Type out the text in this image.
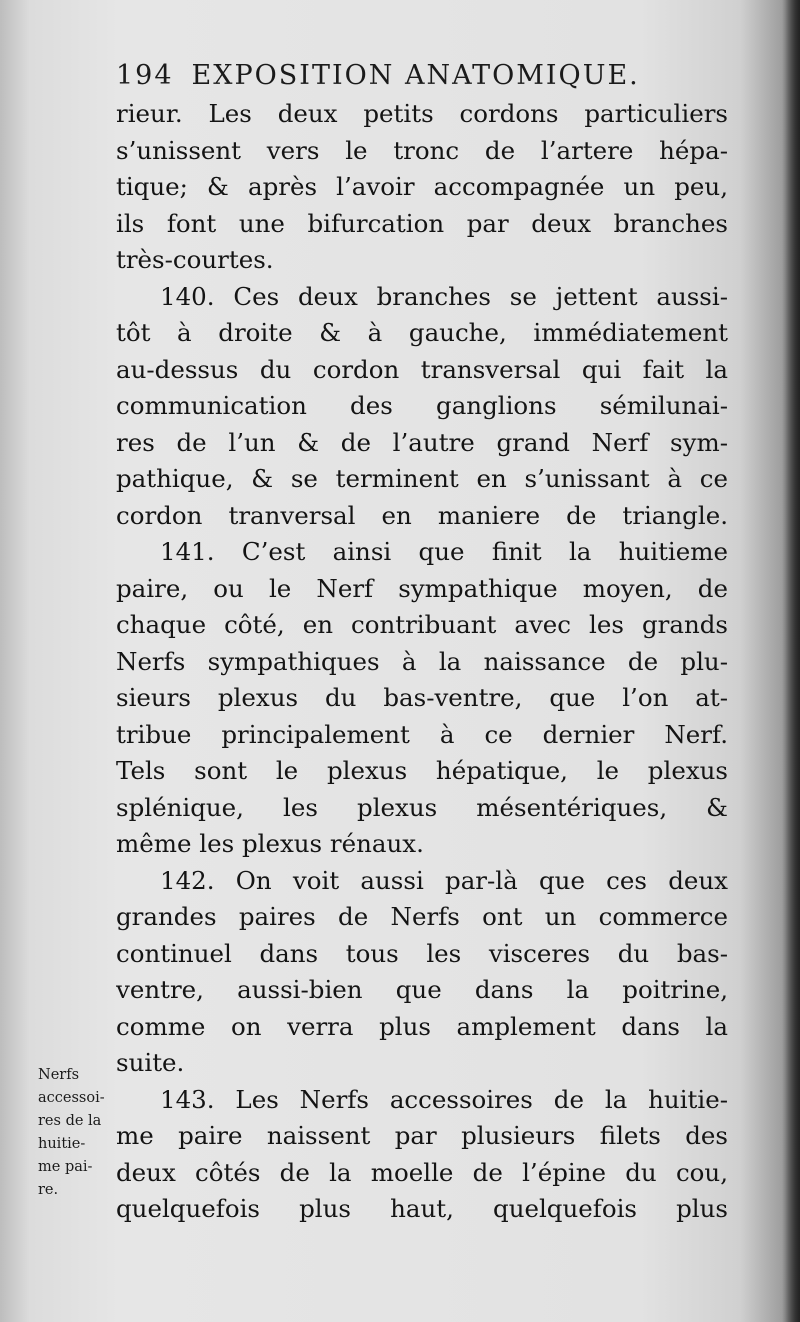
194 EXPOSITION ANATOMIQUE.
rieur. Les deux petits cordons particuliers
s’unissent vers le tronc de l’artere hépa-
tique; & après l’avoir accompagnée un peu,
ils font une bifurcation par deux branches
très-courtes.
140. Ces deux branches se jettent aussi-
tôt à droite & à gauche, immédiatement
au-dessus du cordon transversal qui fait la
communication des ganglions sémilunai-
res de l’un & de l’autre grand Nerf sym-
pathique, & se terminent en s’unissant à ce
cordon tranversal en maniere de triangle.
141. C’est ainsi que finit la huitieme
paire, ou le Nerf sympathique moyen, de
chaque côté, en contribuant avec les grands
Nerfs sympathiques à la naissance de plu-
sieurs plexus du bas-ventre, que l’on at-
tribue principalement à ce dernier Nerf.
Tels sont le plexus hépatique, le plexus
splénique, les plexus mésentériques, &
même les plexus rénaux.
142. On voit aussi par-là que ces deux
grandes paires de Nerfs ont un commerce
continuel dans tous les visceres du bas-
ventre, aussi-bien que dans la poitrine,
comme on verra plus amplement dans la
suite.
143. Les Nerfs accessoires de la huitie-
me paire naissent par plusieurs filets des
deux côtés de la moelle de l’épine du cou,
quelquefois plus haut, quelquefois plus
Nerfs
accessoi-
res de la
huitie-
me pai-
re.
